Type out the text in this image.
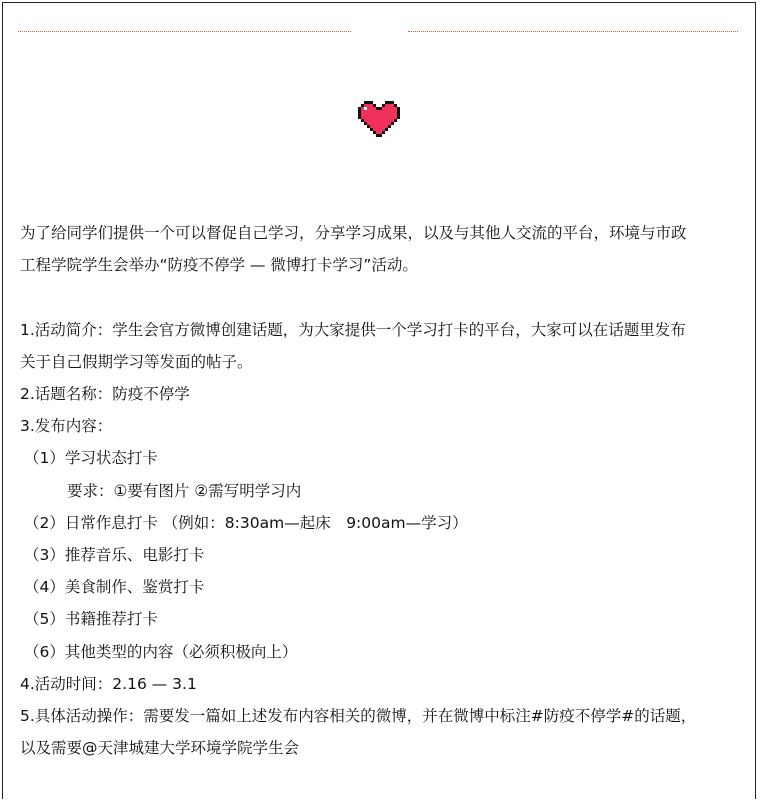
为了给同学们提供一个可以督促自己学习，分享学习成果，以及与其他人交流的平台，环境与市政

工程学院学生会举办“防疫不停学 — 微博打卡学习”活动。

1.活动简介：学生会官方微博创建话题，为大家提供一个学习打卡的平台，大家可以在话题里发布

关于自己假期学习等发面的帖子。

2.话题名称：防疫不停学

3.发布内容：

（1）学习状态打卡

要求：①要有图片 ②需写明学习内

（2）日常作息打卡 （例如：8:30am—起床　9:00am—学习）

（3）推荐音乐、电影打卡

（4）美食制作、鉴赏打卡

（5）书籍推荐打卡

（6）其他类型的内容（必须积极向上）

4.活动时间：2.16 — 3.1

5.具体活动操作：需要发一篇如上述发布内容相关的微博，并在微博中标注#防疫不停学#的话题，

以及需要@天津城建大学环境学院学生会
